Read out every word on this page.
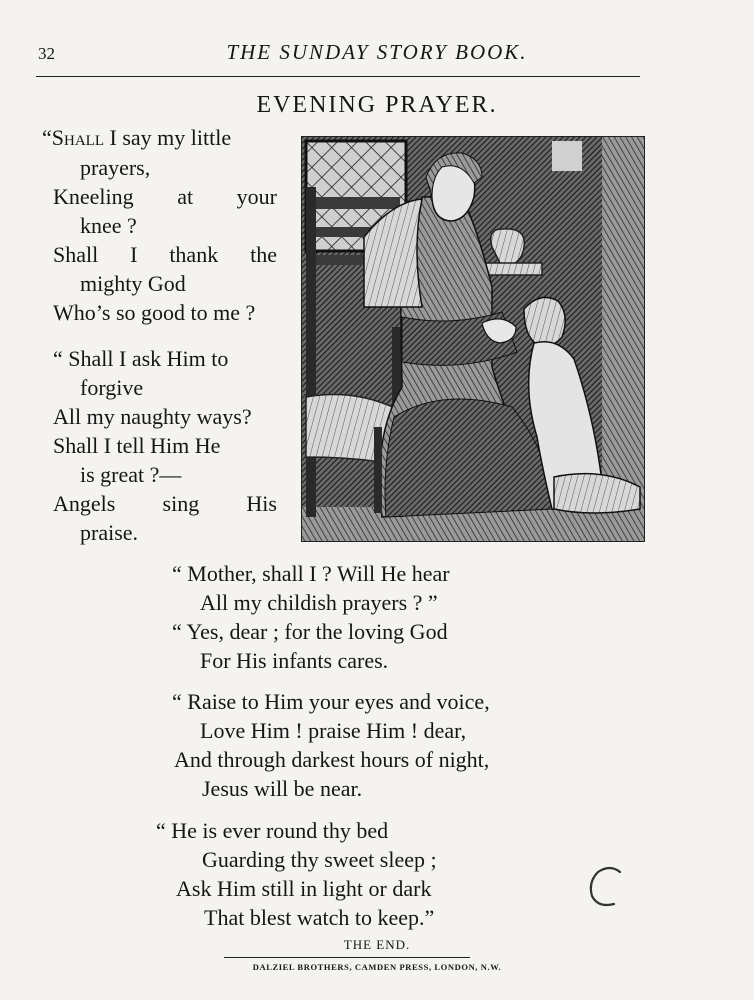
32	THE SUNDAY STORY BOOK.
EVENING PRAYER.
“Shall I say my little
prayers,
Kneeling at your
knee ?
Shall I thank the
mighty God
Who’s so good to me ?
“ Shall I ask Him to
forgive
All my naughty ways?
Shall I tell Him He
is great ?—
Angels sing His
praise.
“ Mother, shall I ? Will He hear
All my childish prayers ? ”
“ Yes, dear ; for the loving God
For His infants cares.
“ Raise to Him your eyes and voice,
Love Him ! praise Him ! dear,
And through darkest hours of night,
Jesus will be near.
“ He is ever round thy bed
Guarding thy sweet sleep ;
Ask Him still in light or dark
That blest watch to keep.”
THE END.
DALZIEL BROTHERS, CAMDEN PRESS, LONDON, N.W.
